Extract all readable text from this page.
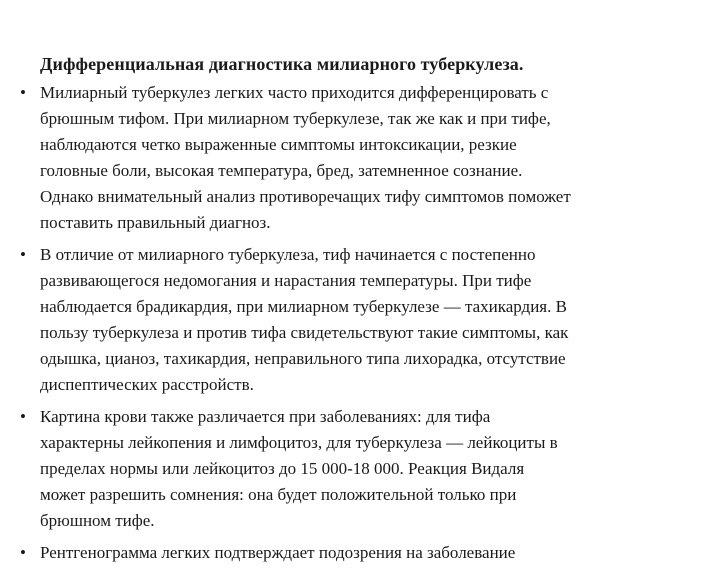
Дифференциальная диагностика милиарного туберкулеза.
• Милиарный туберкулез легких часто приходится дифференцировать с
брюшным тифом. При милиарном туберкулезе, так же как и при тифе,
наблюдаются четко выраженные симптомы интоксикации, резкие
головные боли, высокая температура, бред, затемненное сознание.
Однако внимательный анализ противоречащих тифу симптомов поможет
поставить правильный диагноз.
• В отличие от милиарного туберкулеза, тиф начинается с постепенно
развивающегося недомогания и нарастания температуры. При тифе
наблюдается брадикардия, при милиарном туберкулезе — тахикардия. В
пользу туберкулеза и против тифа свидетельствуют такие симптомы, как
одышка, цианоз, тахикардия, неправильного типа лихорадка, отсутствие
диспептических расстройств.
• Картина крови также различается при заболеваниях: для тифа
характерны лейкопения и лимфоцитоз, для туберкулеза — лейкоциты в
пределах нормы или лейкоцитоз до 15 000-18 000. Реакция Видаля
может разрешить сомнения: она будет положительной только при
брюшном тифе.
• Рентгенограмма легких подтверждает подозрения на заболевание
